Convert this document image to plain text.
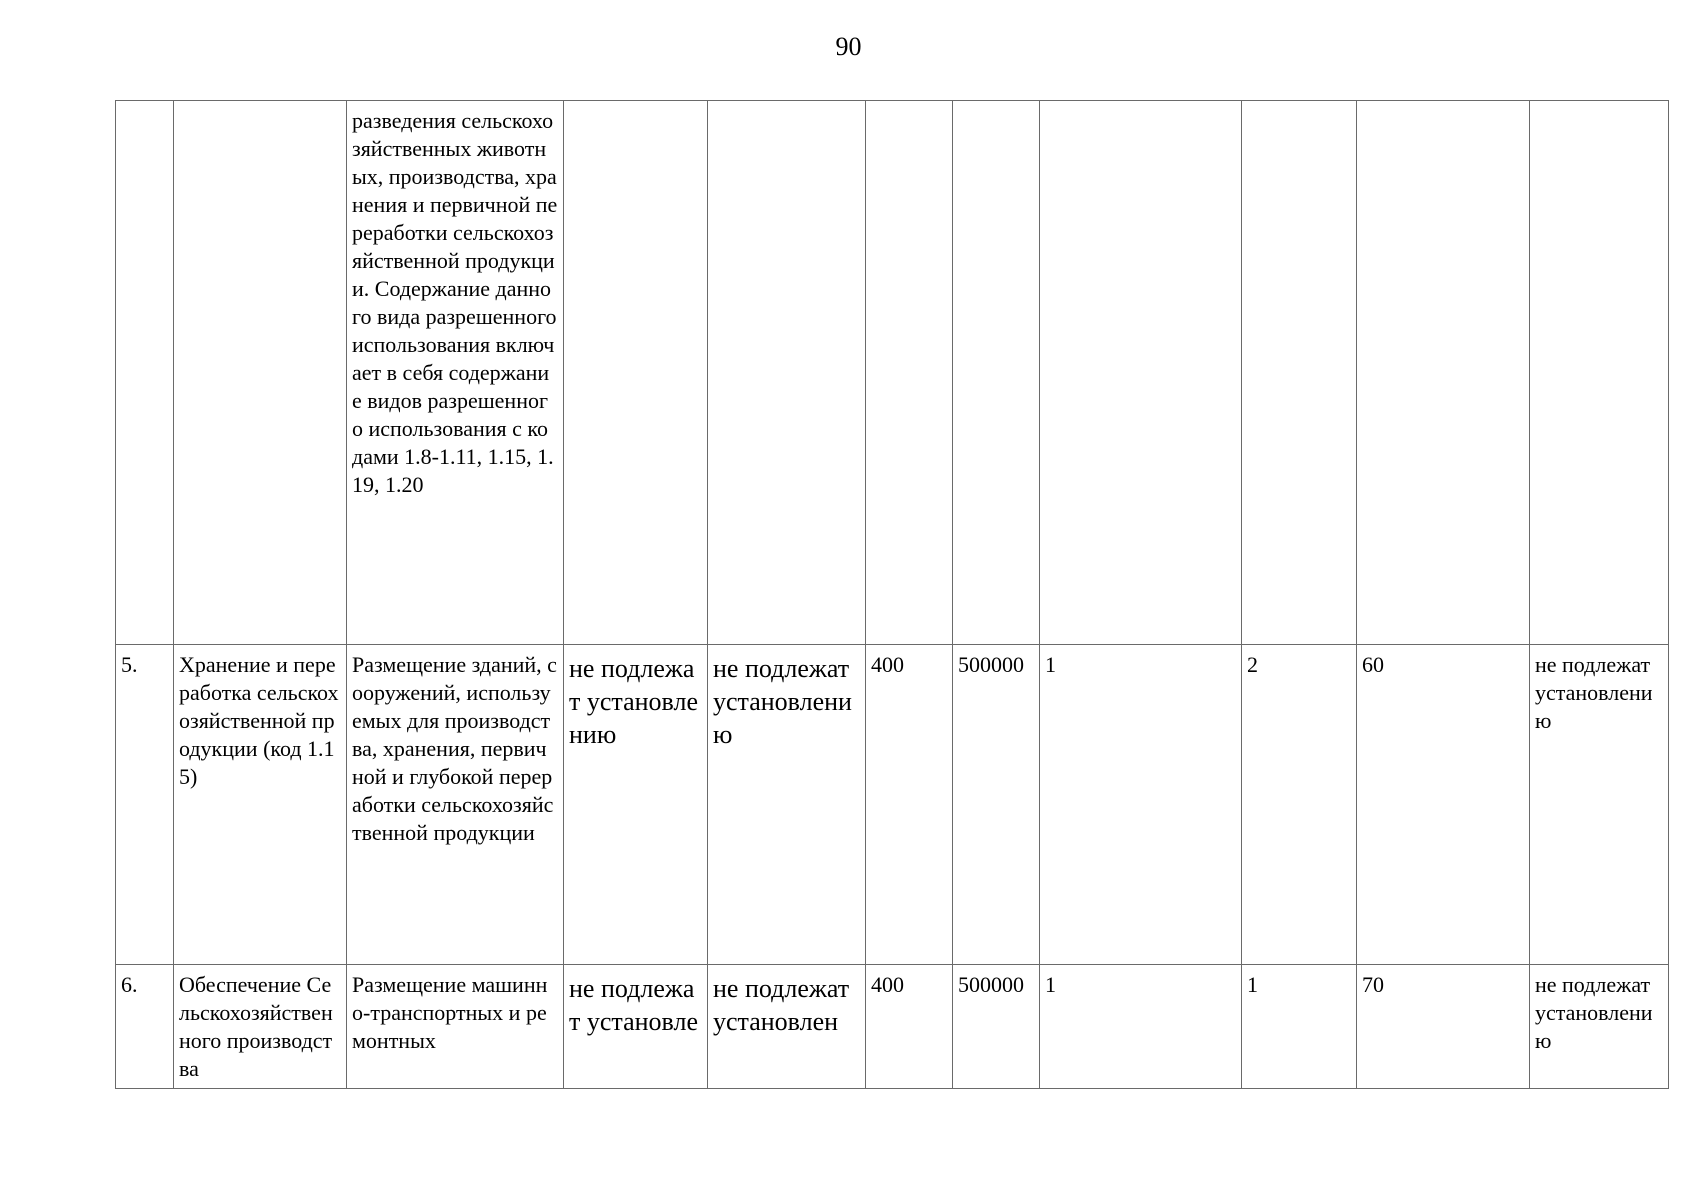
90

		разведения сельскохозяйственных животных, производства, хранения и первичной переработки сельскохозяйственной продукции. Содержание данного вида разрешенного использования включает в себя содержание видов разрешенного использования с кодами 1.8-1.11, 1.15, 1.19, 1.20								

5.	Хранение и переработка сельскохозяйственной продукции (код 1.15)	Размещение зданий, сооружений, используемых для производства, хранения, первичной и глубокой переработки сельскохозяйственной продукции	не подлежат установлению	не подлежат установлению	400	500000	1	2	60	не подлежат установлению

6.	Обеспечение Сельскохозяйственного производства	Размещение машинно-транспортных и ремонтных	не подлежат установле	не подлежат установлен	400	500000	1	1	70	не подлежат установлению
